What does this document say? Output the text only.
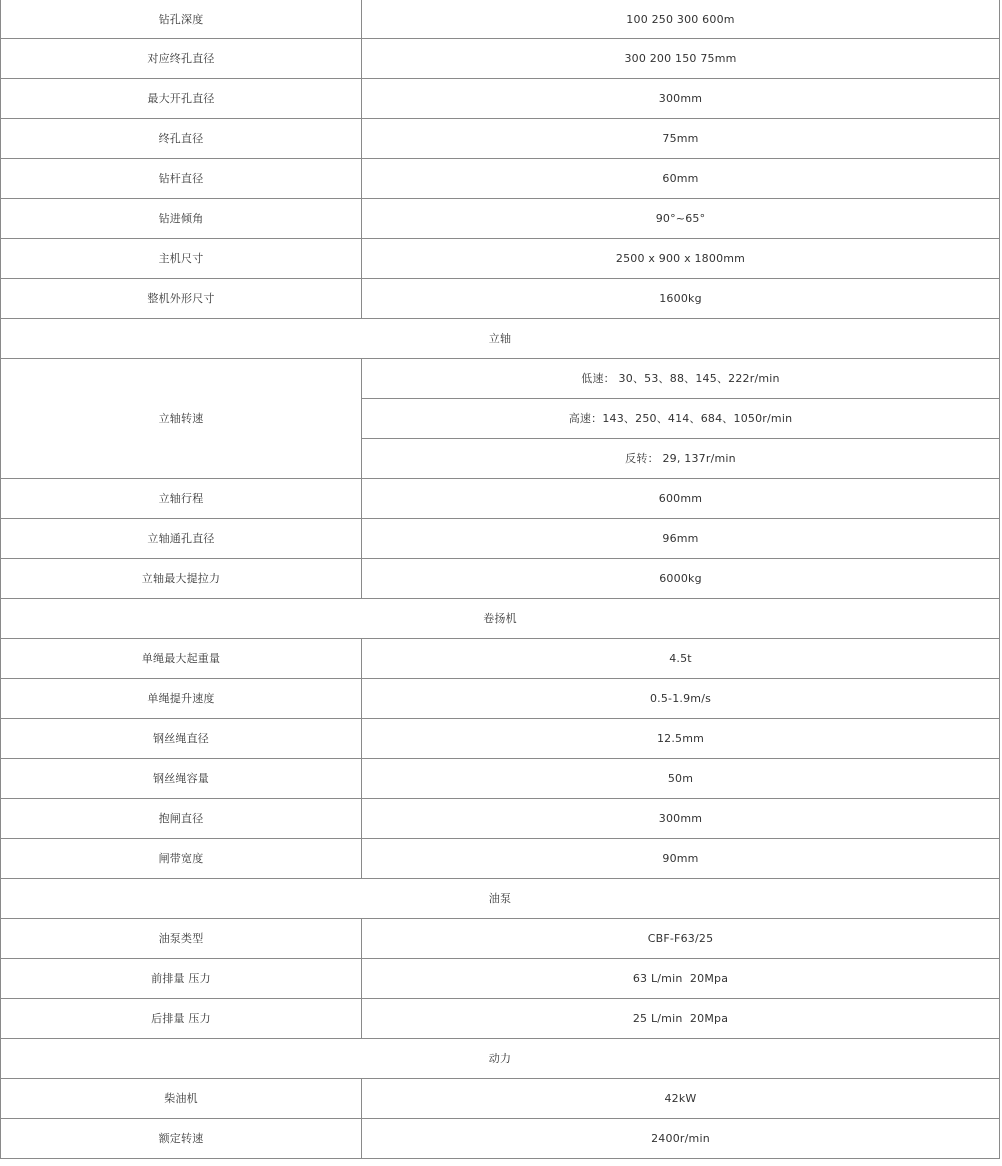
钻孔深度	100 250 300 600m
对应终孔直径	300 200 150 75mm
最大开孔直径	300mm
终孔直径	75mm
钻杆直径	60mm
钻进倾角	90°~65°
主机尺寸	2500 x 900 x 1800mm
整机外形尺寸	1600kg
立轴	
立轴转速	低速： 30、53、88、145、222r/min
	高速：143、250、414、684、1050r/min
	反转： 29, 137r/min
立轴行程	600mm
立轴通孔直径	96mm
立轴最大提拉力	6000kg
卷扬机	
单绳最大起重量	4.5t
单绳提升速度	0.5-1.9m/s
钢丝绳直径	12.5mm
钢丝绳容量	50m
抱闸直径	300mm
闸带宽度	90mm
油泵	
油泵类型	CBF-F63/25
前排量 压力	63 L/min  20Mpa
后排量 压力	25 L/min  20Mpa
动力	
柴油机	42kW
额定转速	2400r/min
